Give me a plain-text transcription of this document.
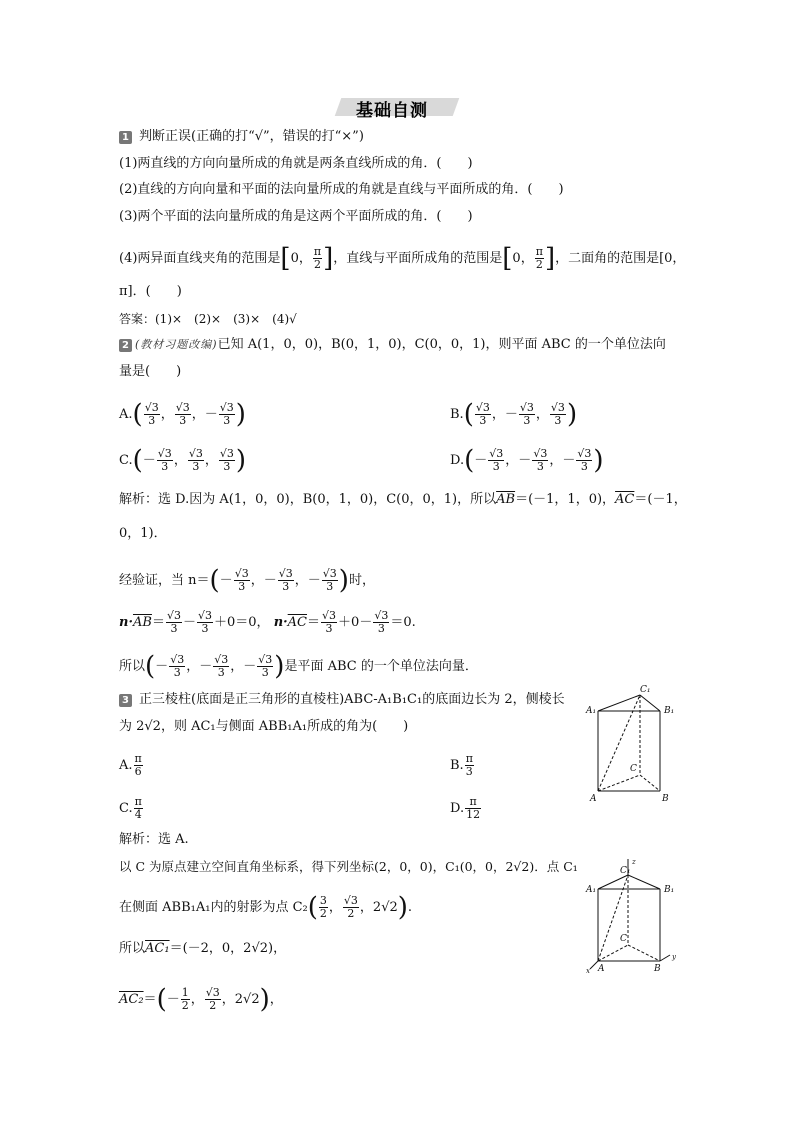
基础自测
1 判断正误(正确的打“√”，错误的打“×”)
(1)两直线的方向向量所成的角就是两条直线所成的角．(　　)
(2)直线的方向向量和平面的法向量所成的角就是直线与平面所成的角．(　　)
(3)两个平面的法向量所成的角是这两个平面所成的角．(　　)
(4)两异面直线夹角的范围是[0， $\frac{\pi}{2}$ ]，直线与平面所成角的范围是[0， $\frac{\pi}{2}$ ]，二面角的范围是[0，
π]．(　　)
答案：(1)×　(2)×　(3)×　(4)√
2 (教材习题改编)已知 A(1，0，0)，B(0，1，0)，C(0，0，1)，则平面 ABC 的一个单位法向
量是(　　)
$A.( \frac{√3}{3}$ ， $\frac{√3}{3}$ ，－ $\frac{√3}{3}$ )	$B.( \frac{√3}{3}$ ，－ $\frac{√3}{3}$ ， $\frac{√3}{3}$ )
$C.(- \frac{√3}{3}$ ， $\frac{√3}{3}$ ， $\frac{√3}{3}$ )	$D.(- \frac{√3}{3}$ ，－ $\frac{√3}{3}$ ，－ $\frac{√3}{3}$ )
解析：选 D.因为 A(1，0，0)，B(0，1，0)，C(0，0，1)，所以$\overline{AB}=(-1$，1，0)，$\overline{AC}=(-1$，
0，1)．
经验证，当 $n=(- \frac{√3}{3}$ ，－ $\frac{√3}{3}$ ，－ $\frac{√3}{3}$ )时，
$n\cdot\overline{AB}= \frac{√3}{3} - \frac{√3}{3} +0=0$， $n\cdot\overline{AC}= \frac{√3}{3} +0- \frac{√3}{3} =0$.
所以(－ $\frac{√3}{3}$ ，－ $\frac{√3}{3}$ ，－ $\frac{√3}{3}$ )是平面 ABC 的一个单位法向量．
3 正三棱柱(底面是正三角形的直棱柱)ABC-A₁B₁C₁的底面边长为 2，侧棱长
为 2√2，则 AC₁与侧面 ABB₁A₁所成的角为(　　)
A. $\frac{\pi}{6}$	B. $\frac{\pi}{3}$
C. $\frac{\pi}{4}$	D. $\frac{\pi}{12}$
解析：选 A.
以 C 为原点建立空间直角坐标系，得下列坐标(2，0，0)，C₁(0，0，2√2)．点 C₁
在侧面 ABB₁A₁内的射影为点 $C_2( \frac{3}{2}$ ， $\frac{√3}{2}$ ，2√2).
所以AC₁＝(－2，0，2√2)，
$AC_2=(- \frac{1}{2}$ ， $\frac{√3}{2}$ ，2√2)，
C₁
A₁	B₁
C
A	B
z
C₁
A₁	B₁
C
A	B
x
y
